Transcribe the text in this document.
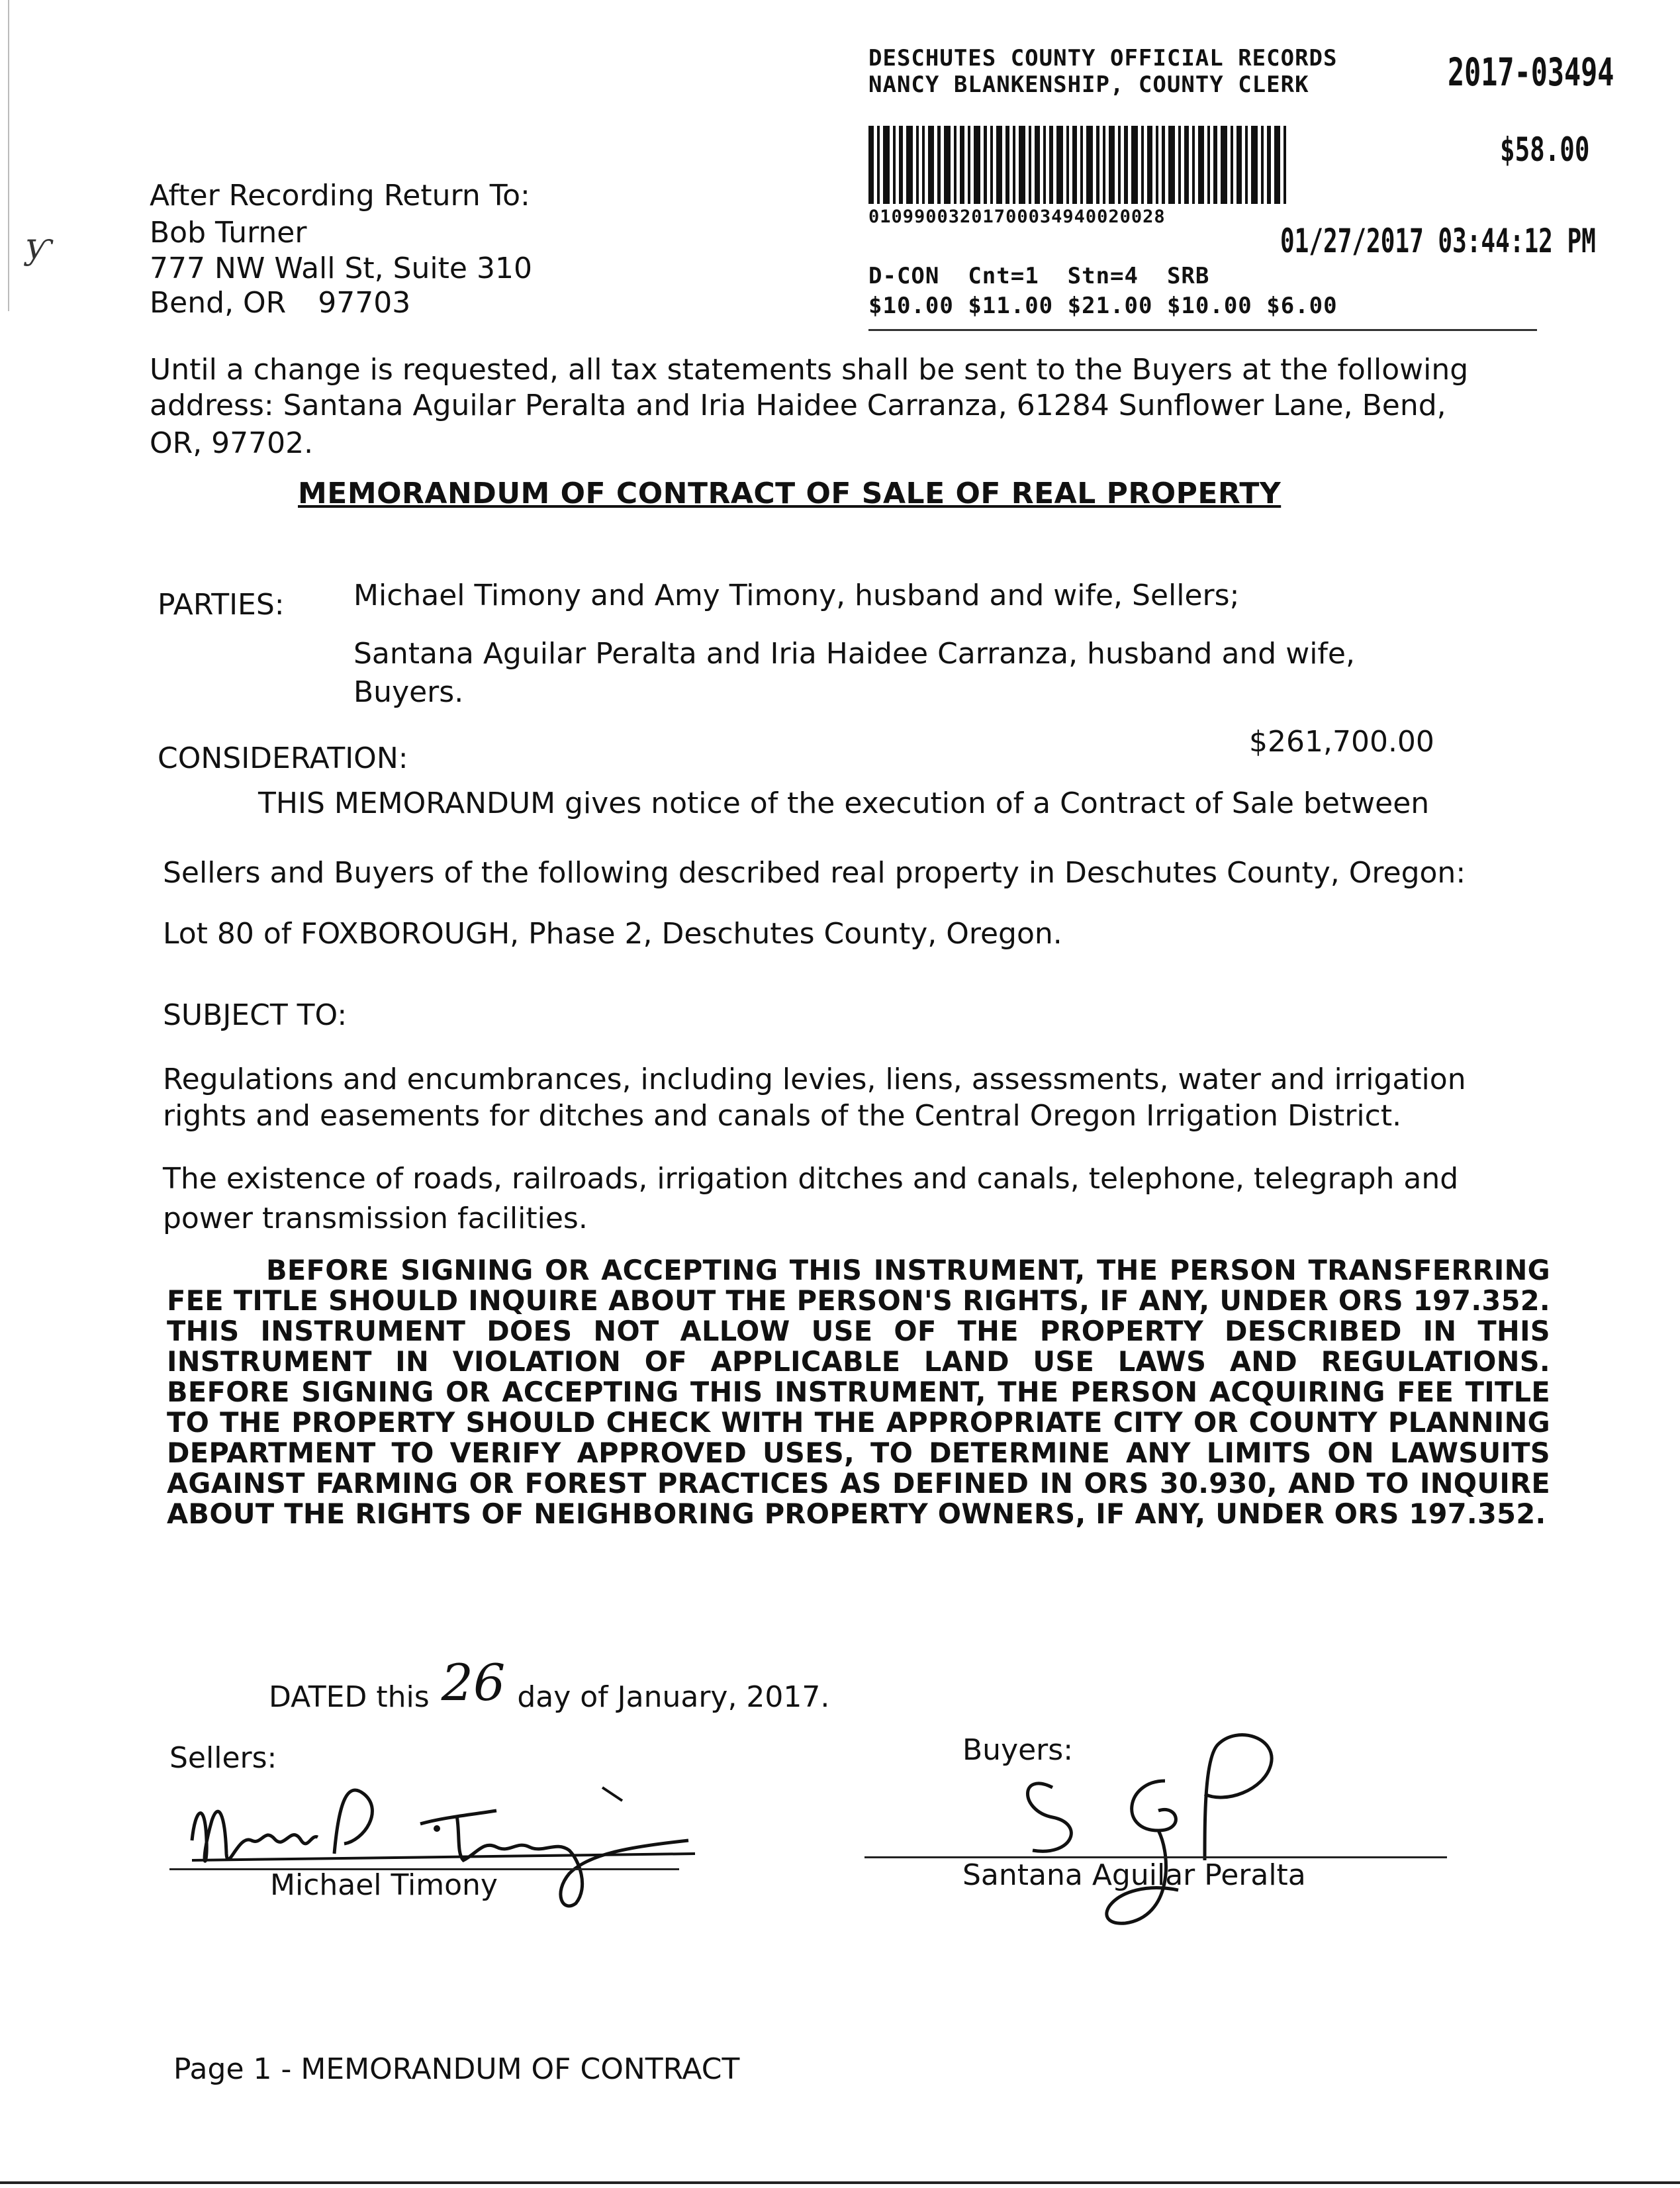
DESCHUTES COUNTY OFFICIAL RECORDS
NANCY BLANKENSHIP, COUNTY CLERK	2017-03494
$58.00
01099003201700034940020028
01/27/2017 03:44:12 PM
D-CON Cnt=1 Stn=4 SRB
$10.00 $11.00 $21.00 $10.00 $6.00
After Recording Return To:
Bob Turner
777 NW Wall St, Suite 310
Bend, OR 97703
ƴ
Until a change is requested, all tax statements shall be sent to the Buyers at the following
address: Santana Aguilar Peralta and Iria Haidee Carranza, 61284 Sunflower Lane, Bend,
OR, 97702.
MEMORANDUM OF CONTRACT OF SALE OF REAL PROPERTY
PARTIES: Michael Timony and Amy Timony, husband and wife, Sellers;
Santana Aguilar Peralta and Iria Haidee Carranza, husband and wife,
Buyers.
CONSIDERATION:	$261,700.00
THIS MEMORANDUM gives notice of the execution of a Contract of Sale between
Sellers and Buyers of the following described real property in Deschutes County, Oregon:
Lot 80 of FOXBOROUGH, Phase 2, Deschutes County, Oregon.
SUBJECT TO:
Regulations and encumbrances, including levies, liens, assessments, water and irrigation
rights and easements for ditches and canals of the Central Oregon Irrigation District.
The existence of roads, railroads, irrigation ditches and canals, telephone, telegraph and
power transmission facilities.
BEFORE SIGNING OR ACCEPTING THIS INSTRUMENT, THE PERSON TRANSFERRING FEE TITLE SHOULD INQUIRE ABOUT THE PERSON'S RIGHTS, IF ANY, UNDER ORS 197.352. THIS INSTRUMENT DOES NOT ALLOW USE OF THE PROPERTY DESCRIBED IN THIS INSTRUMENT IN VIOLATION OF APPLICABLE LAND USE LAWS AND REGULATIONS. BEFORE SIGNING OR ACCEPTING THIS INSTRUMENT, THE PERSON ACQUIRING FEE TITLE TO THE PROPERTY SHOULD CHECK WITH THE APPROPRIATE CITY OR COUNTY PLANNING DEPARTMENT TO VERIFY APPROVED USES, TO DETERMINE ANY LIMITS ON LAWSUITS AGAINST FARMING OR FOREST PRACTICES AS DEFINED IN ORS 30.930, AND TO INQUIRE ABOUT THE RIGHTS OF NEIGHBORING PROPERTY OWNERS, IF ANY, UNDER ORS 197.352.
DATED this 26 day of January, 2017.
Sellers:	Buyers:
Michael Timony	Santana Aguilar Peralta
Page 1 - MEMORANDUM OF CONTRACT
